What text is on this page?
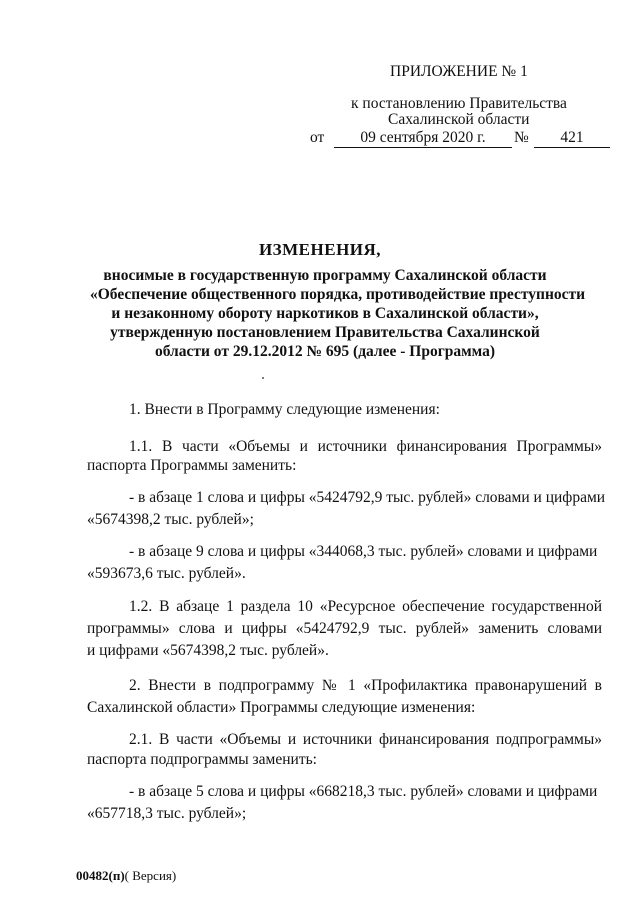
ПРИЛОЖЕНИЕ № 1
к постановлению Правительства
Сахалинской области
от	09 сентября 2020 г.	№	421
ИЗМЕНЕНИЯ,
вносимые в государственную программу Сахалинской области
«Обеспечение общественного порядка, противодействие преступности
и незаконному обороту наркотиков в Сахалинской области»,
утвержденную постановлением Правительства Сахалинской
области от 29.12.2012 № 695 (далее - Программа)
1. Внести в Программу следующие изменения:
1.1. В части «Объемы и источники финансирования Программы»
паспорта Программы заменить:
- в абзаце 1 слова и цифры «5424792,9 тыс. рублей» словами и цифрами
«5674398,2 тыс. рублей»;
- в абзаце 9 слова и цифры «344068,3 тыс. рублей» словами и цифрами
«593673,6 тыс. рублей».
1.2. В абзаце 1 раздела 10 «Ресурсное обеспечение государственной
программы» слова и цифры «5424792,9 тыс. рублей» заменить словами
и цифрами «5674398,2 тыс. рублей».
2. Внести в подпрограмму № 1 «Профилактика правонарушений в
Сахалинской области» Программы следующие изменения:
2.1. В части «Объемы и источники финансирования подпрограммы»
паспорта подпрограммы заменить:
- в абзаце 5 слова и цифры «668218,3 тыс. рублей» словами и цифрами
«657718,3 тыс. рублей»;
00482(п)( Версия)
